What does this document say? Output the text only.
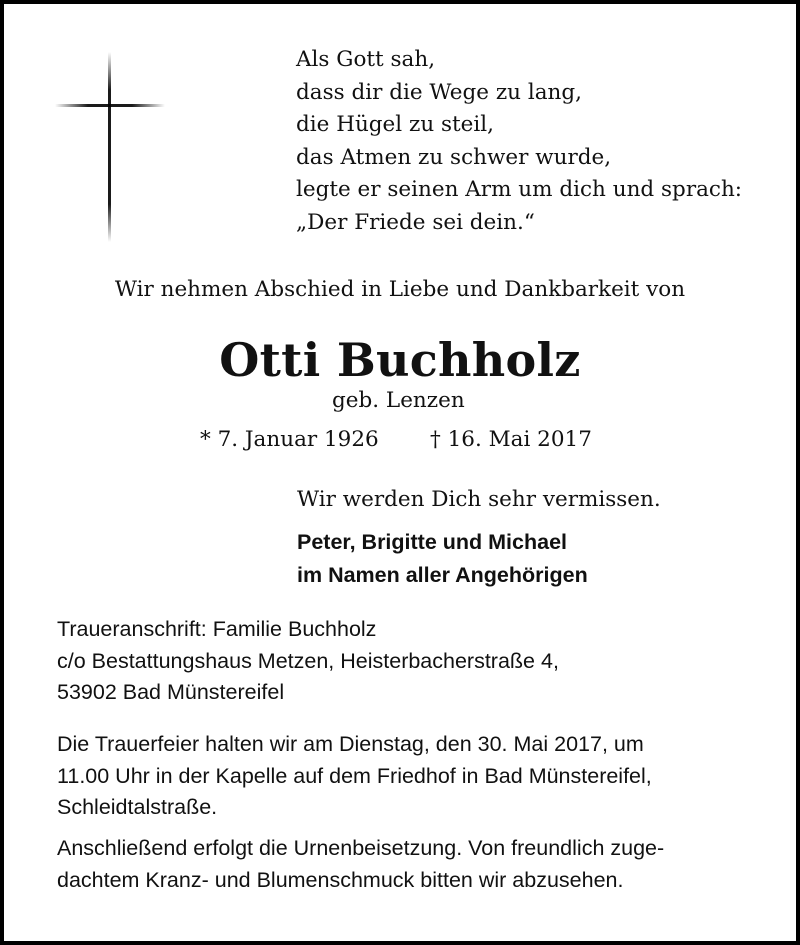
Als Gott sah,
dass dir die Wege zu lang,
die Hügel zu steil,
das Atmen zu schwer wurde,
legte er seinen Arm um dich und sprach:
„Der Friede sei dein.“
Wir nehmen Abschied in Liebe und Dankbarkeit von
Otti Buchholz
geb. Lenzen
* 7. Januar 1926 † 16. Mai 2017
Wir werden Dich sehr vermissen.
Peter, Brigitte und Michael
im Namen aller Angehörigen
Traueranschrift: Familie Buchholz
c/o Bestattungshaus Metzen, Heisterbacherstraße 4,
53902 Bad Münstereifel
Die Trauerfeier halten wir am Dienstag, den 30. Mai 2017, um
11.00 Uhr in der Kapelle auf dem Friedhof in Bad Münstereifel,
Schleidtalstraße.
Anschließend erfolgt die Urnenbeisetzung. Von freundlich zuge-
dachtem Kranz- und Blumenschmuck bitten wir abzusehen.
